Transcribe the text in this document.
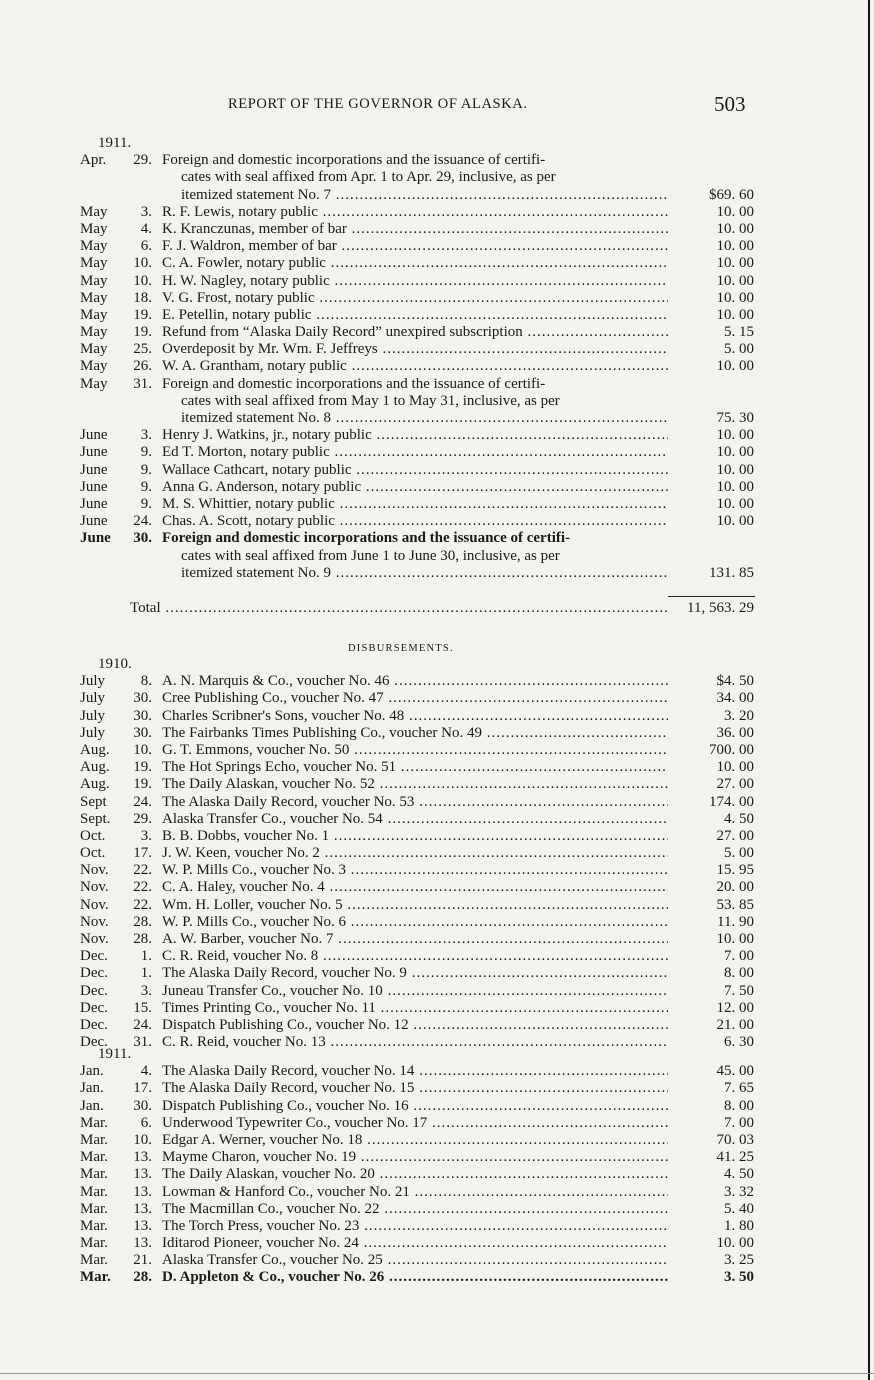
REPORT OF THE GOVERNOR OF ALASKA.	503
1911.
Apr.	29. Foreign and domestic incorporations and the issuance of certifi-
cates with seal affixed from Apr. 1 to Apr. 29, inclusive, as per
itemized statement No. 7 .....	$69. 60
May	3. R. F. Lewis, notary public .....	10. 00
May	4. K. Kranczunas, member of bar .....	10. 00
May	6. F. J. Waldron, member of bar .....	10. 00
May	10. C. A. Fowler, notary public .....	10. 00
May	10. H. W. Nagley, notary public .....	10. 00
May	18. V. G. Frost, notary public .....	10. 00
May	19. E. Petellin, notary public .....	10. 00
May	19. Refund from “Alaska Daily Record” unexpired subscription .....	5. 15
May	25. Overdeposit by Mr. Wm. F. Jeffreys .....	5. 00
May	26. W. A. Grantham, notary public .....	10. 00
May	31. Foreign and domestic incorporations and the issuance of certifi-
cates with seal affixed from May 1 to May 31, inclusive, as per
itemized statement No. 8 .....	75. 30
June	3. Henry J. Watkins, jr., notary public .....	10. 00
June	9. Ed T. Morton, notary public .....	10. 00
June	9. Wallace Cathcart, notary public .....	10. 00
June	9. Anna G. Anderson, notary public .....	10. 00
June	9. M. S. Whittier, notary public .....	10. 00
June	24. Chas. A. Scott, notary public .....	10. 00
June	30. Foreign and domestic incorporations and the issuance of certifi-
cates with seal affixed from June 1 to June 30, inclusive, as per
itemized statement No. 9 .....	131. 85
Total .....	11, 563. 29
DISBURSEMENTS.
1910.
July	8. A. N. Marquis & Co., voucher No. 46 .....	$4. 50
July	30. Cree Publishing Co., voucher No. 47 .....	34. 00
July	30. Charles Scribner's Sons, voucher No. 48 .....	3. 20
July	30. The Fairbanks Times Publishing Co., voucher No. 49 .....	36. 00
Aug.	10. G. T. Emmons, voucher No. 50 .....	700. 00
Aug.	19. The Hot Springs Echo, voucher No. 51 .....	10. 00
Aug.	19. The Daily Alaskan, voucher No. 52 .....	27. 00
Sept	24. The Alaska Daily Record, voucher No. 53 .....	174. 00
Sept.	29. Alaska Transfer Co., voucher No. 54 .....	4. 50
Oct.	3. B. B. Dobbs, voucher No. 1 .....	27. 00
Oct.	17. J. W. Keen, voucher No. 2 .....	5. 00
Nov.	22. W. P. Mills Co., voucher No. 3 .....	15. 95
Nov.	22. C. A. Haley, voucher No. 4 .....	20. 00
Nov.	22. Wm. H. Loller, voucher No. 5 .....	53. 85
Nov.	28. W. P. Mills Co., voucher No. 6 .....	11. 90
Nov.	28. A. W. Barber, voucher No. 7 .....	10. 00
Dec.	1. C. R. Reid, voucher No. 8 .....	7. 00
Dec.	1. The Alaska Daily Record, voucher No. 9 .....	8. 00
Dec.	3. Juneau Transfer Co., voucher No. 10 .....	7. 50
Dec.	15. Times Printing Co., voucher No. 11 .....	12. 00
Dec.	24. Dispatch Publishing Co., voucher No. 12 .....	21. 00
Dec.	31. C. R. Reid, voucher No. 13 .....	6. 30
1911.
Jan.	4. The Alaska Daily Record, voucher No. 14 .....	45. 00
Jan.	17. The Alaska Daily Record, voucher No. 15 .....	7. 65
Jan.	30. Dispatch Publishing Co., voucher No. 16 .....	8. 00
Mar.	6. Underwood Typewriter Co., voucher No. 17 .....	7. 00
Mar.	10. Edgar A. Werner, voucher No. 18 .....	70. 03
Mar.	13. Mayme Charon, voucher No. 19 .....	41. 25
Mar.	13. The Daily Alaskan, voucher No. 20 .....	4. 50
Mar.	13. Lowman & Hanford Co., voucher No. 21 .....	3. 32
Mar.	13. The Macmillan Co., voucher No. 22 .....	5. 40
Mar.	13. The Torch Press, voucher No. 23 .....	1. 80
Mar.	13. Iditarod Pioneer, voucher No. 24 .....	10. 00
Mar.	21. Alaska Transfer Co., voucher No. 25 .....	3. 25
Mar.	28. D. Appleton & Co., voucher No. 26 .....	3. 50
